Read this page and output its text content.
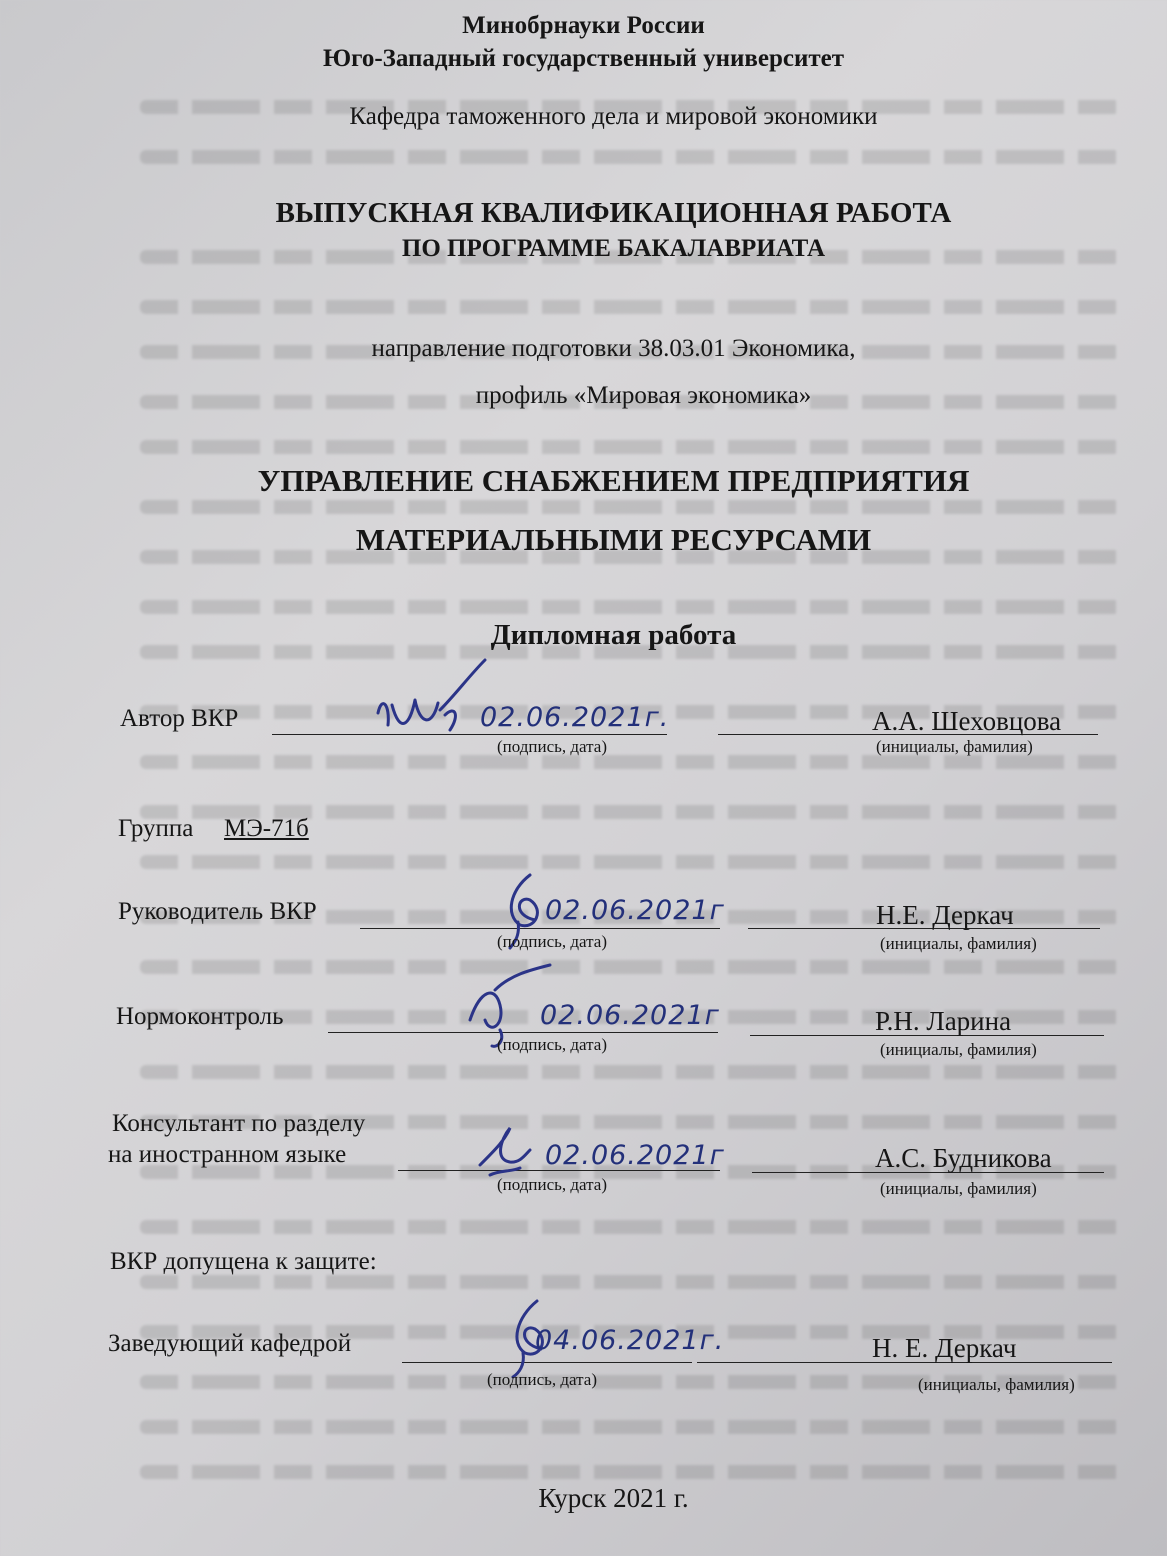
Минобрнауки России
Юго-Западный государственный университет
Кафедра таможенного дела и мировой экономики
ВЫПУСКНАЯ КВАЛИФИКАЦИОННАЯ РАБОТА
ПО ПРОГРАММЕ БАКАЛАВРИАТА
направление подготовки 38.03.01 Экономика,
профиль «Мировая экономика»
УПРАВЛЕНИЕ СНАБЖЕНИЕМ ПРЕДПРИЯТИЯ
МАТЕРИАЛЬНЫМИ РЕСУРСАМИ
Дипломная работа
Автор ВКР	02.06.2021г.
(подпись, дата)
А.А. Шеховцова
(инициалы, фамилия)
Группа МЭ-71б
Руководитель ВКР	02.06.2021г
(подпись, дата)
Н.Е. Деркач
(инициалы, фамилия)
Нормоконтроль	02.06.2021г
(подпись, дата)
Р.Н. Ларина
(инициалы, фамилия)
Консультант по разделу
на иностранном языке	02.06.2021г
(подпись, дата)
А.С. Будникова
(инициалы, фамилия)
ВКР допущена к защите:
Заведующий кафедрой	04.06.2021г.
(подпись, дата)
Н. Е. Деркач
(инициалы, фамилия)
Курск 2021 г.
